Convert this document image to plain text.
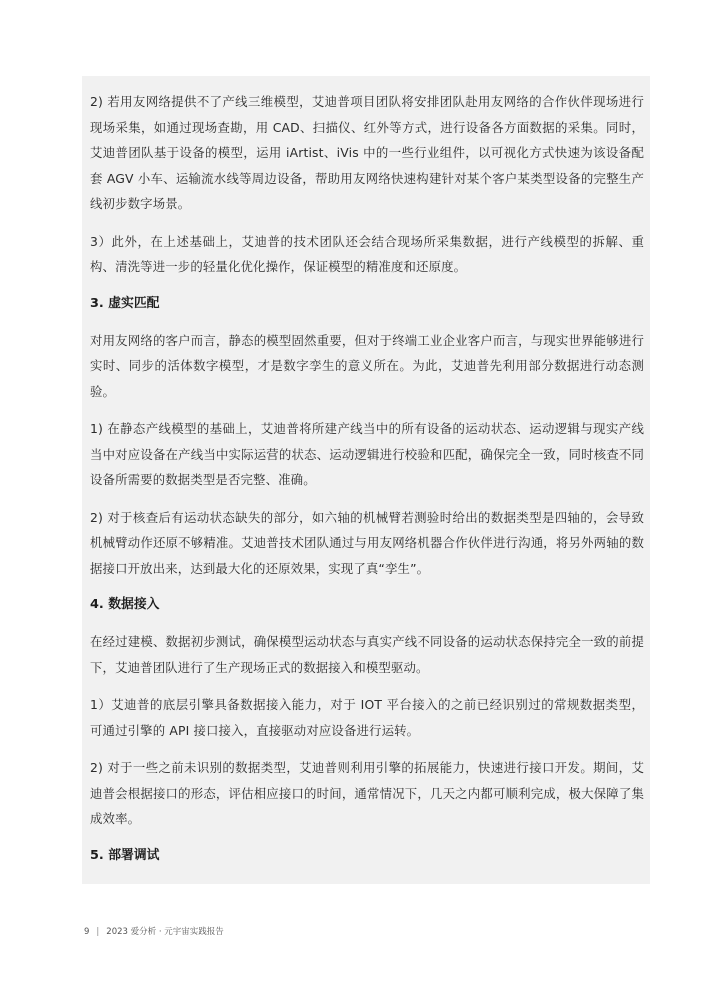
2) 若用友网络提供不了产线三维模型，艾迪普项目团队将安排团队赴用友网络的合作伙伴现场进行现场采集，如通过现场查勘，用 CAD、扫描仪、红外等方式，进行设备各方面数据的采集。同时，艾迪普团队基于设备的模型，运用 iArtist、iVis 中的一些行业组件，以可视化方式快速为该设备配套 AGV 小车、运输流水线等周边设备，帮助用友网络快速构建针对某个客户某类型设备的完整生产线初步数字场景。

3）此外，在上述基础上，艾迪普的技术团队还会结合现场所采集数据，进行产线模型的拆解、重构、清洗等进一步的轻量化优化操作，保证模型的精准度和还原度。

3. 虚实匹配

对用友网络的客户而言，静态的模型固然重要，但对于终端工业企业客户而言，与现实世界能够进行实时、同步的活体数字模型，才是数字孪生的意义所在。为此，艾迪普先利用部分数据进行动态测验。

1) 在静态产线模型的基础上，艾迪普将所建产线当中的所有设备的运动状态、运动逻辑与现实产线当中对应设备在产线当中实际运营的状态、运动逻辑进行校验和匹配，确保完全一致，同时核查不同设备所需要的数据类型是否完整、准确。

2) 对于核查后有运动状态缺失的部分，如六轴的机械臂若测验时给出的数据类型是四轴的，会导致机械臂动作还原不够精准。艾迪普技术团队通过与用友网络机器合作伙伴进行沟通，将另外两轴的数据接口开放出来，达到最大化的还原效果，实现了真“孪生”。

4. 数据接入

在经过建模、数据初步测试，确保模型运动状态与真实产线不同设备的运动状态保持完全一致的前提下，艾迪普团队进行了生产现场正式的数据接入和模型驱动。

1）艾迪普的底层引擎具备数据接入能力，对于 IOT 平台接入的之前已经识别过的常规数据类型， 可通过引擎的 API 接口接入，直接驱动对应设备进行运转。

2) 对于一些之前未识别的数据类型，艾迪普则利用引擎的拓展能力，快速进行接口开发。期间，艾迪普会根据接口的形态，评估相应接口的时间，通常情况下，几天之内都可顺利完成，极大保障了集成效率。

5. 部署调试

9 | 2023 爱分析 · 元宇宙实践报告
